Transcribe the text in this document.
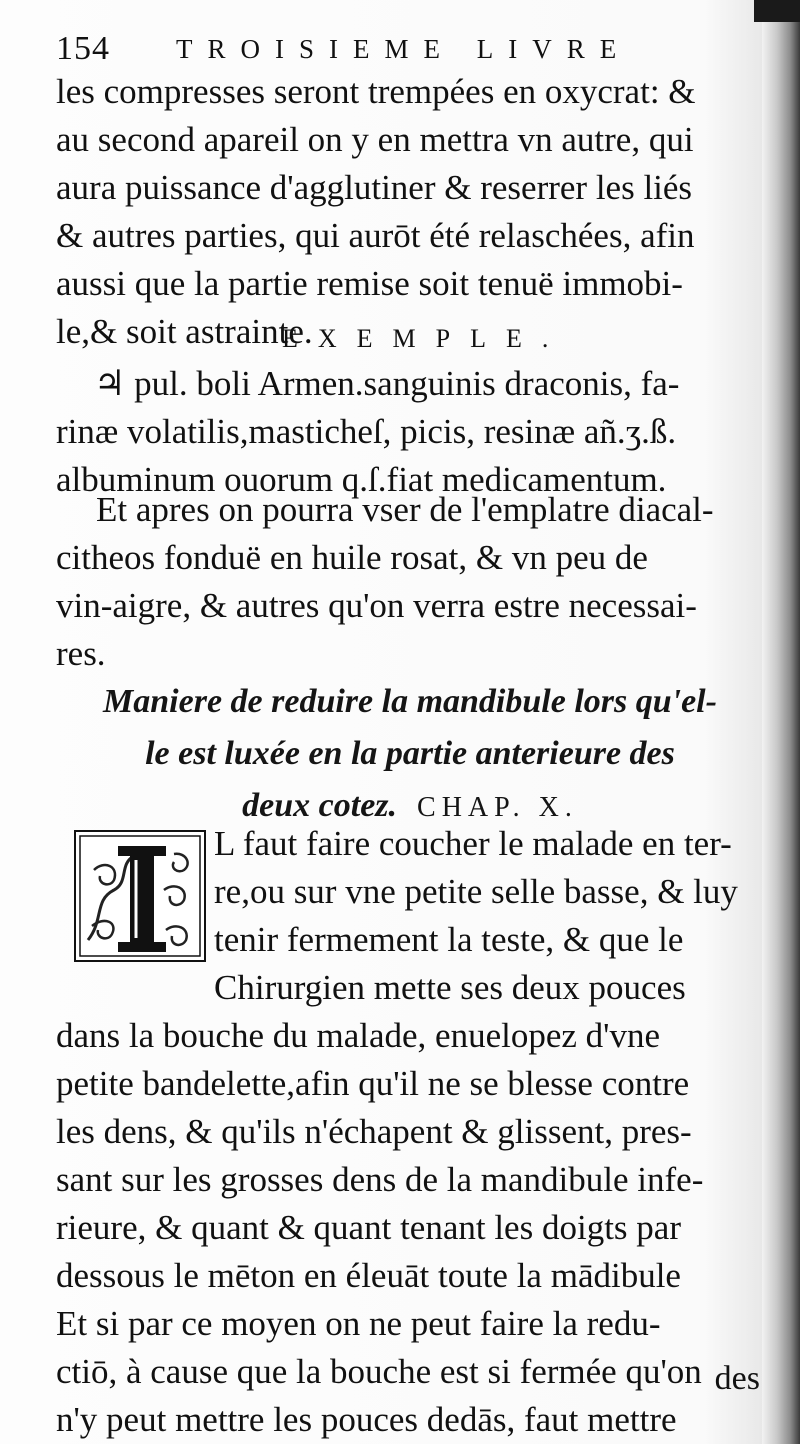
154 TROISIEME LIVRE
les compresses seront trempées en oxycrat: &
au second apareil on y en mettra vn autre, qui
aura puissance d'agglutiner & reserrer les liés
& autres parties, qui aurōt été relaschées, afin
aussi que la partie remise soit tenuë immobi-
le,& soit astrainte.
EXEMPLE.
♃ pul. boli Armen.sanguinis draconis, fa-
rinæ volatilis,masticheſ, picis, resinæ añ.ʒ.ß.
albuminum ouorum q.ſ.fiat medicamentum.
Et apres on pourra vser de l'emplatre diacal-
citheos fonduë en huile rosat, & vn peu de
vin-aigre, & autres qu'on verra estre necessai-
res.
Maniere de reduire la mandibule lors qu'el-
le est luxée en la partie anterieure des
deux cotez. CHAP. X.
L faut faire coucher le malade en ter-
re,ou sur vne petite selle basse, & luy
tenir fermement la teste, & que le
Chirurgien mette ses deux pouces
dans la bouche du malade, enuelopez d'vne
petite bandelette,afin qu'il ne se blesse contre
les dens, & qu'ils n'échapent & glissent, pres-
sant sur les grosses dens de la mandibule infe-
rieure, & quant & quant tenant les doigts par
dessous le mēton en éleuāt toute la mādibule
Et si par ce moyen on ne peut faire la redu-
ctiō, à cause que la bouche est si fermée qu'on
n'y peut mettre les pouces dedās, faut mettre
des
